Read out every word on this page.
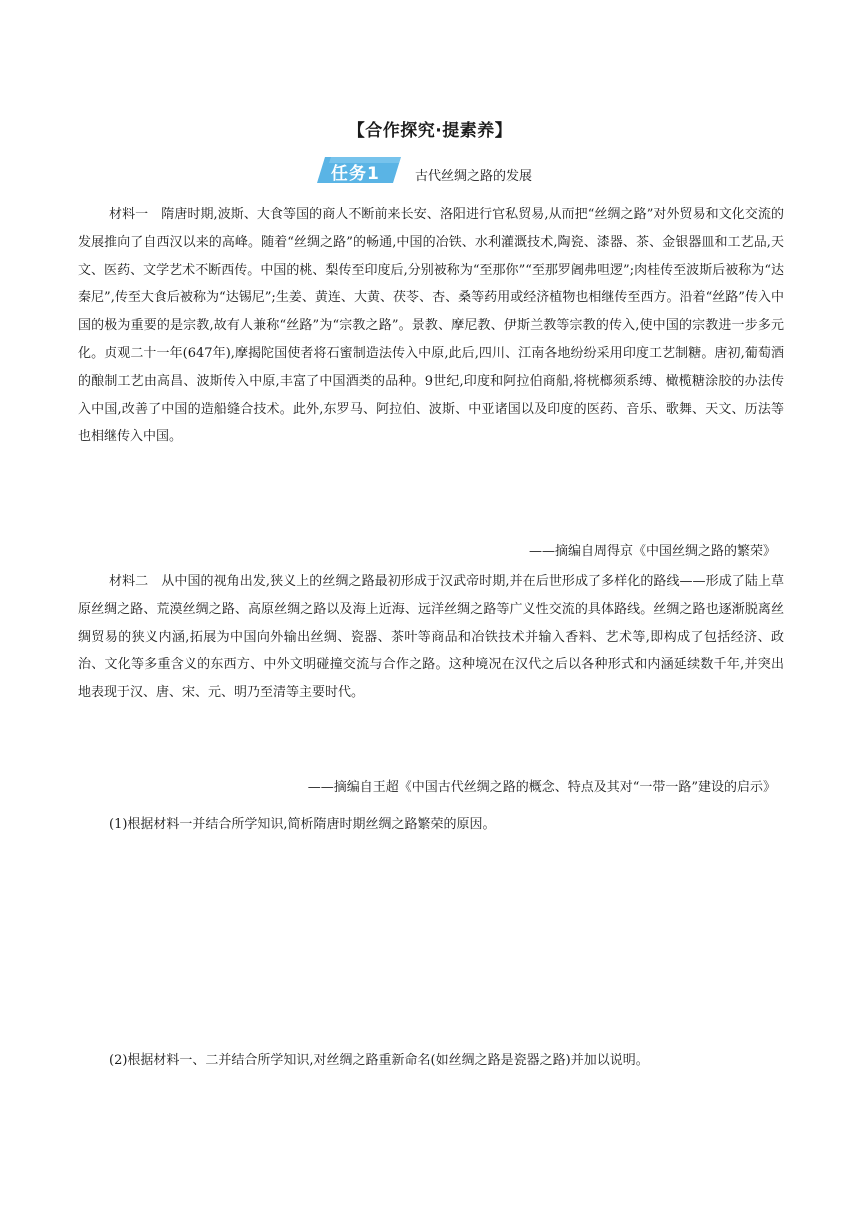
【合作探究·提素养】
任务1	古代丝绸之路的发展

材料一　隋唐时期,波斯、大食等国的商人不断前来长安、洛阳进行官私贸易,从而把“丝绸之路”对外贸易和文化交流的发展推向了自西汉以来的高峰。随着“丝绸之路”的畅通,中国的冶铁、水利灌溉技术,陶瓷、漆器、茶、金银器皿和工艺品,天文、医药、文学艺术不断西传。中国的桃、梨传至印度后,分别被称为“至那你”“至那罗阇弗呾逻”;肉桂传至波斯后被称为“达秦尼”,传至大食后被称为“达锡尼”;生姜、黄连、大黄、茯苓、杏、桑等药用或经济植物也相继传至西方。沿着“丝路”传入中国的极为重要的是宗教,故有人兼称“丝路”为“宗教之路”。景教、摩尼教、伊斯兰教等宗教的传入,使中国的宗教进一步多元化。贞观二十一年(647年),摩揭陀国使者将石蜜制造法传入中原,此后,四川、江南各地纷纷采用印度工艺制糖。唐初,葡萄酒的酿制工艺由高昌、波斯传入中原,丰富了中国酒类的品种。9世纪,印度和阿拉伯商船,将桄榔须系缚、橄榄糖涂胶的办法传入中国,改善了中国的造船缝合技术。此外,东罗马、阿拉伯、波斯、中亚诸国以及印度的医药、音乐、歌舞、天文、历法等也相继传入中国。

——摘编自周得京《中国丝绸之路的繁荣》

材料二　从中国的视角出发,狭义上的丝绸之路最初形成于汉武帝时期,并在后世形成了多样化的路线——形成了陆上草原丝绸之路、荒漠丝绸之路、高原丝绸之路以及海上近海、远洋丝绸之路等广义性交流的具体路线。丝绸之路也逐渐脱离丝绸贸易的狭义内涵,拓展为中国向外输出丝绸、瓷器、茶叶等商品和冶铁技术并输入香料、艺术等,即构成了包括经济、政治、文化等多重含义的东西方、中外文明碰撞交流与合作之路。这种境况在汉代之后以各种形式和内涵延续数千年,并突出地表现于汉、唐、宋、元、明乃至清等主要时代。

——摘编自王超《中国古代丝绸之路的概念、特点及其对“一带一路”建设的启示》
(1)根据材料一并结合所学知识,简析隋唐时期丝绸之路繁荣的原因。
(2)根据材料一、二并结合所学知识,对丝绸之路重新命名(如丝绸之路是瓷器之路)并加以说明。
